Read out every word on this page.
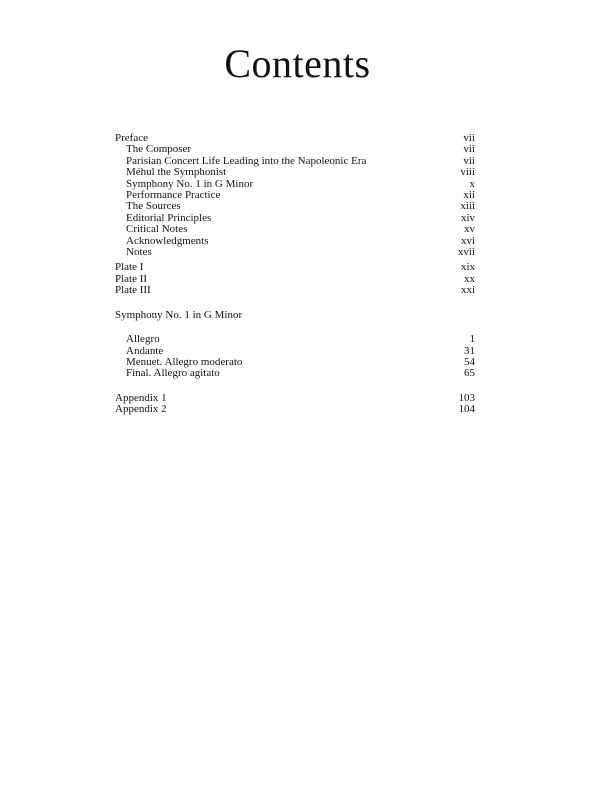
Contents
Preface	vii
The Composer	vii
Parisian Concert Life Leading into the Napoleonic Era	vii
Méhul the Symphonist	viii
Symphony No. 1 in G Minor	x
Performance Practice	xii
The Sources	xiii
Editorial Principles	xiv
Critical Notes	xv
Acknowledgments	xvi
Notes	xvii
Plate I	xix
Plate II	xx
Plate III	xxi
Symphony No. 1 in G Minor
Allegro	1
Andante	31
Menuet. Allegro moderato	54
Final. Allegro agitato	65
Appendix 1	103
Appendix 2	104
